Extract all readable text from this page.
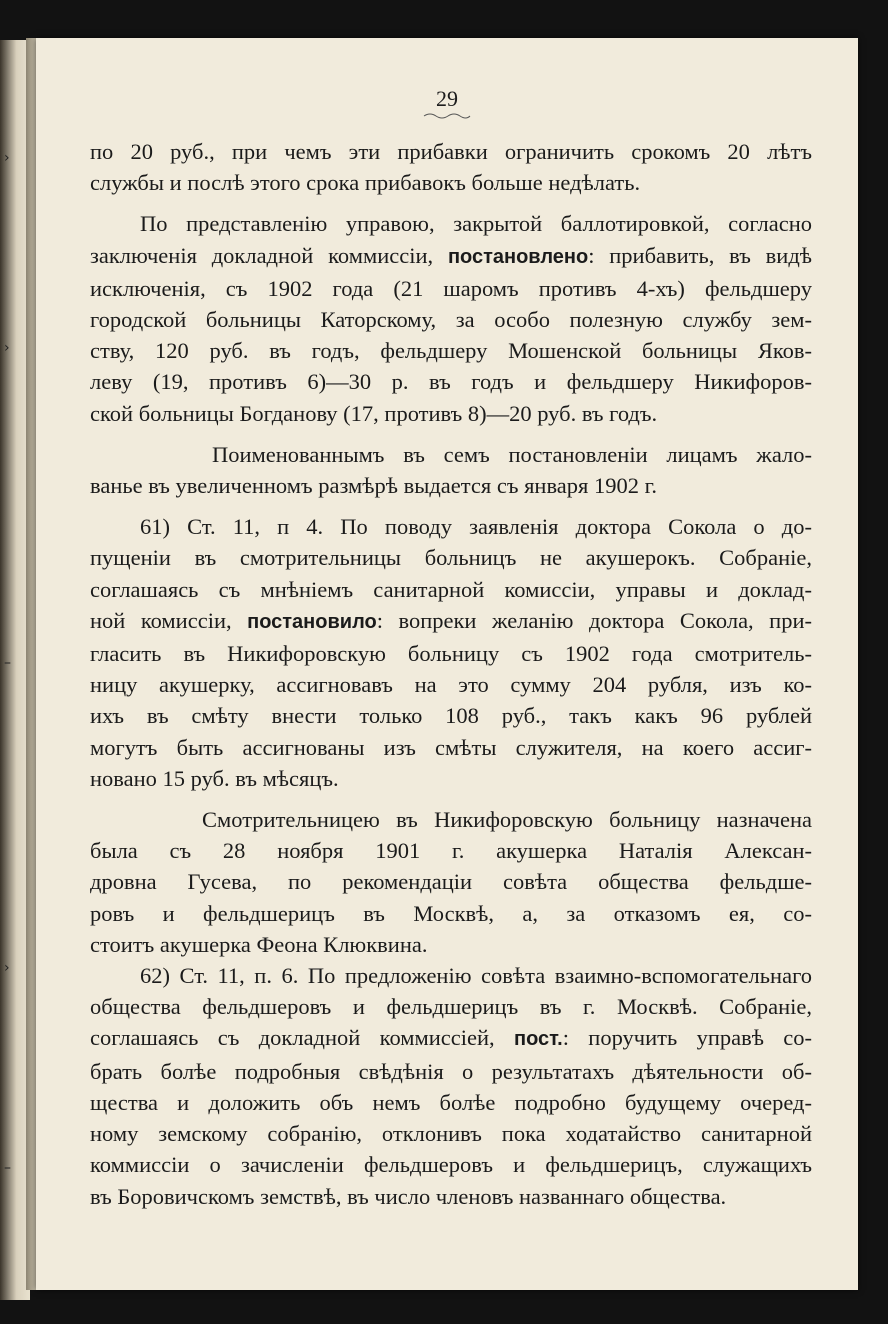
›
›
–
›
–
29
по 20 руб., при чемъ эти прибавки ограничить срокомъ 20 лѣтъ
службы и послѣ этого срока прибавокъ больше недѣлать.
По представленію управою, закрытой баллотировкой, согласно
заключенія докладной коммиссіи, постановлено: прибавить, въ видѣ
исключенія, съ 1902 года (21 шаромъ противъ 4-хъ) фельдшеру
городской больницы Каторскому, за особо полезную службу зем-
ству, 120 руб. въ годъ, фельдшеру Мошенской больницы Яков-
леву (19, противъ 6)—30 р. въ годъ и фельдшеру Никифоров-
ской больницы Богданову (17, противъ 8)—20 руб. въ годъ.
Поименованнымъ въ семъ постановленіи лицамъ жало-
ванье въ увеличенномъ размѣрѣ выдается съ января 1902 г.
61) Ст. 11, п 4. По поводу заявленія доктора Сокола о до-
пущеніи въ смотрительницы больницъ не акушерокъ. Собраніе,
соглашаясь съ мнѣніемъ санитарной комиссіи, управы и доклад-
ной комиссіи, постановило: вопреки желанію доктора Сокола, при-
гласить въ Никифоровскую больницу съ 1902 года смотритель-
ницу акушерку, ассигновавъ на это сумму 204 рубля, изъ ко-
ихъ въ смѣту внести только 108 руб., такъ какъ 96 рублей
могутъ быть ассигнованы изъ смѣты служителя, на коего ассиг-
новано 15 руб. въ мѣсяцъ.
Смотрительницею въ Никифоровскую больницу назначена
была съ 28 ноября 1901 г. акушерка Наталія Алексан-
дровна Гусева, по рекомендаціи совѣта общества фельдше-
ровъ и фельдшерицъ въ Москвѣ, а, за отказомъ ея, со-
стоитъ акушерка Феона Клюквина.
62) Ст. 11, п. 6. По предложенію совѣта взаимно-вспомогательнаго
общества фельдшеровъ и фельдшерицъ въ г. Москвѣ. Собраніе,
соглашаясь съ докладной коммиссіей, пост.: поручить управѣ со-
брать болѣе подробныя свѣдѣнія о результатахъ дѣятельности об-
щества и доложить объ немъ болѣе подробно будущему очеред-
ному земскому собранію, отклонивъ пока ходатайство санитарной
коммиссіи о зачисленіи фельдшеровъ и фельдшерицъ, служащихъ
въ Боровичскомъ земствѣ, въ число членовъ названнаго общества.
